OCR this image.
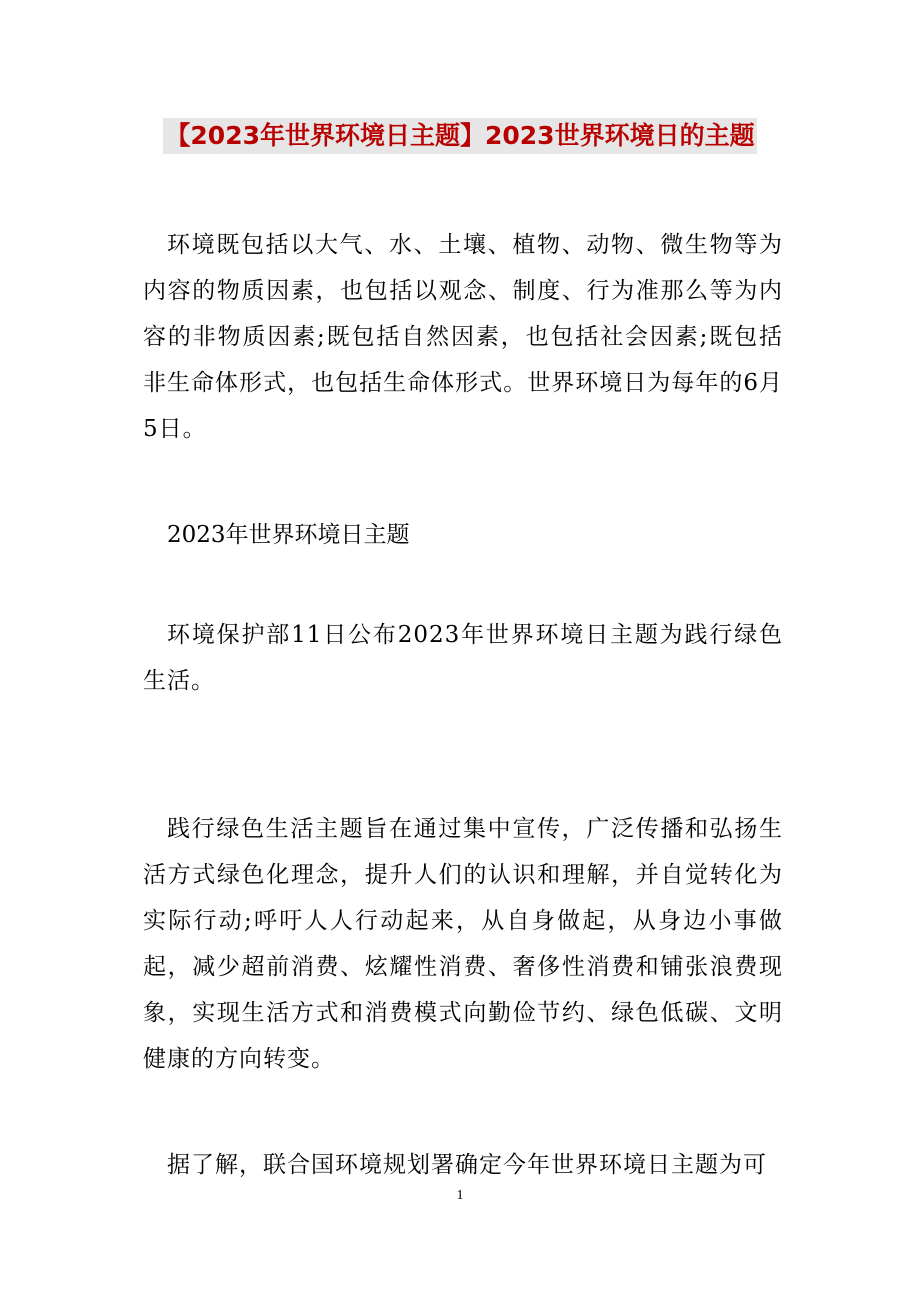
【2023年世界环境日主题】2023世界环境日的主题

环境既包括以大气、水、土壤、植物、动物、微生物等为内容的物质因素，也包括以观念、制度、行为准那么等为内容的非物质因素;既包括自然因素，也包括社会因素;既包括非生命体形式，也包括生命体形式。世界环境日为每年的6月5日。

2023年世界环境日主题

环境保护部11日公布2023年世界环境日主题为践行绿色生活。

践行绿色生活主题旨在通过集中宣传，广泛传播和弘扬生活方式绿色化理念，提升人们的认识和理解，并自觉转化为实际行动;呼吁人人行动起来，从自身做起，从身边小事做起，减少超前消费、炫耀性消费、奢侈性消费和铺张浪费现象，实现生活方式和消费模式向勤俭节约、绿色低碳、文明健康的方向转变。

据了解，联合国环境规划署确定今年世界环境日主题为可

1
